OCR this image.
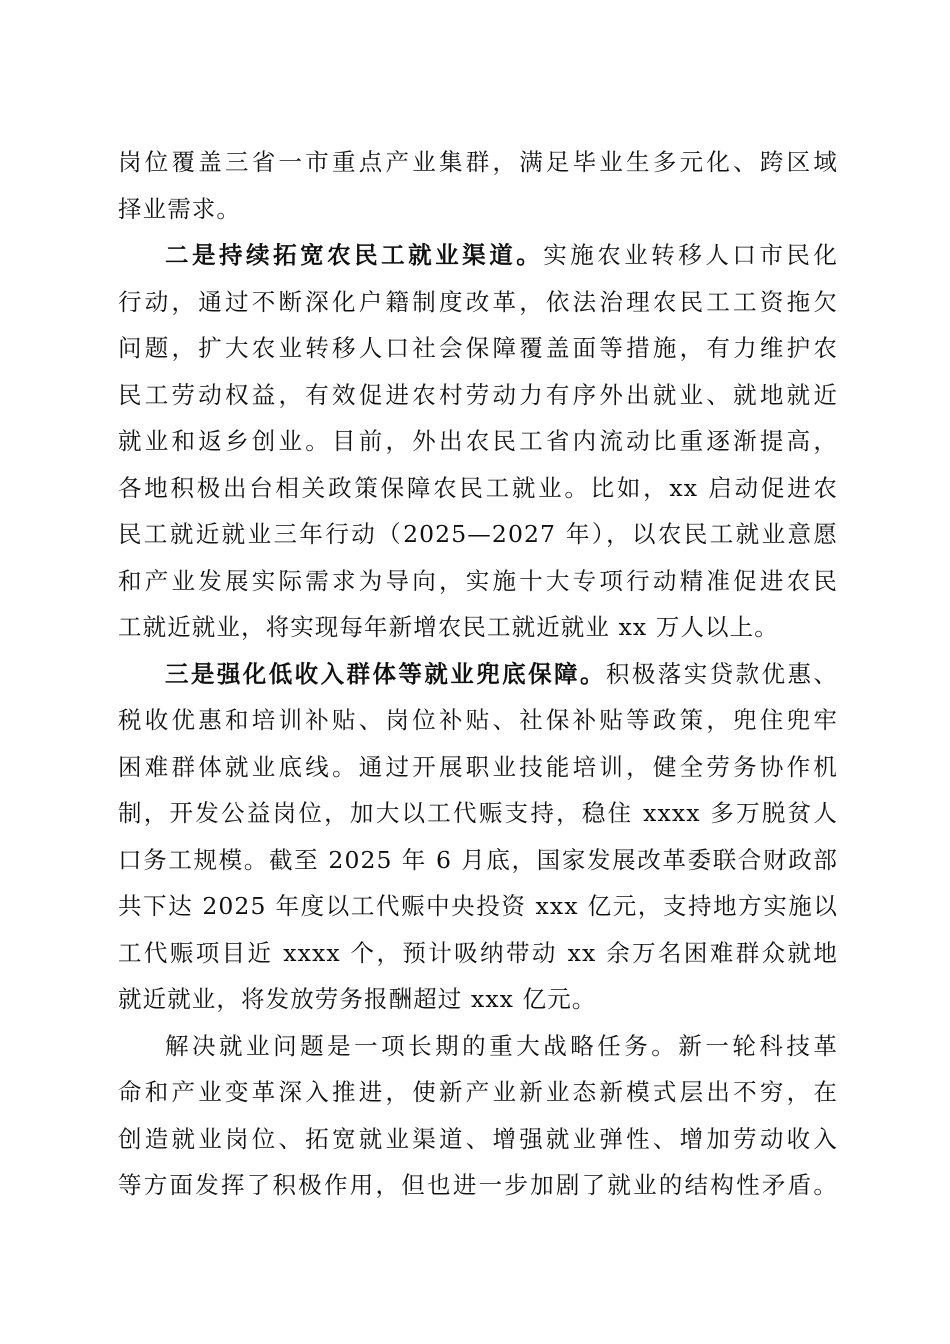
岗位覆盖三省一市重点产业集群，满足毕业生多元化、跨区域
择业需求。
二是持续拓宽农民工就业渠道。实施农业转移人口市民化
行动，通过不断深化户籍制度改革，依法治理农民工工资拖欠
问题，扩大农业转移人口社会保障覆盖面等措施，有力维护农
民工劳动权益，有效促进农村劳动力有序外出就业、就地就近
就业和返乡创业。目前，外出农民工省内流动比重逐渐提高，
各地积极出台相关政策保障农民工就业。比如，xx 启动促进农
民工就近就业三年行动（2025—2027 年），以农民工就业意愿
和产业发展实际需求为导向，实施十大专项行动精准促进农民
工就近就业，将实现每年新增农民工就近就业 xx 万人以上。
三是强化低收入群体等就业兜底保障。积极落实贷款优惠、
税收优惠和培训补贴、岗位补贴、社保补贴等政策，兜住兜牢
困难群体就业底线。通过开展职业技能培训，健全劳务协作机
制，开发公益岗位，加大以工代赈支持，稳住 xxxx 多万脱贫人
口务工规模。截至 2025 年 6 月底，国家发展改革委联合财政部
共下达 2025 年度以工代赈中央投资 xxx 亿元，支持地方实施以
工代赈项目近 xxxx 个，预计吸纳带动 xx 余万名困难群众就地
就近就业，将发放劳务报酬超过 xxx 亿元。
解决就业问题是一项长期的重大战略任务。新一轮科技革
命和产业变革深入推进，使新产业新业态新模式层出不穷，在
创造就业岗位、拓宽就业渠道、增强就业弹性、增加劳动收入
等方面发挥了积极作用，但也进一步加剧了就业的结构性矛盾。
